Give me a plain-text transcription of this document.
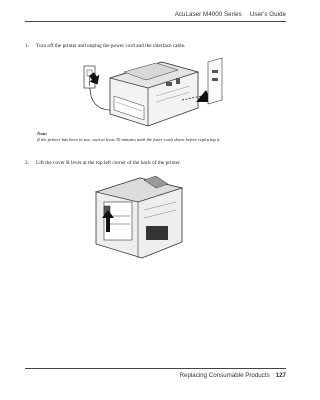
AcuLaser M4000 Series User's Guide
1. Turn off the printer and unplug the power cord and the interface cable.
Note:
If the printer has been in use, wait at least 30 minutes until the fuser cools down before replacing it.
2. Lift the cover B lever at the top left corner of the back of the printer.
Replacing Consumable Products 127
